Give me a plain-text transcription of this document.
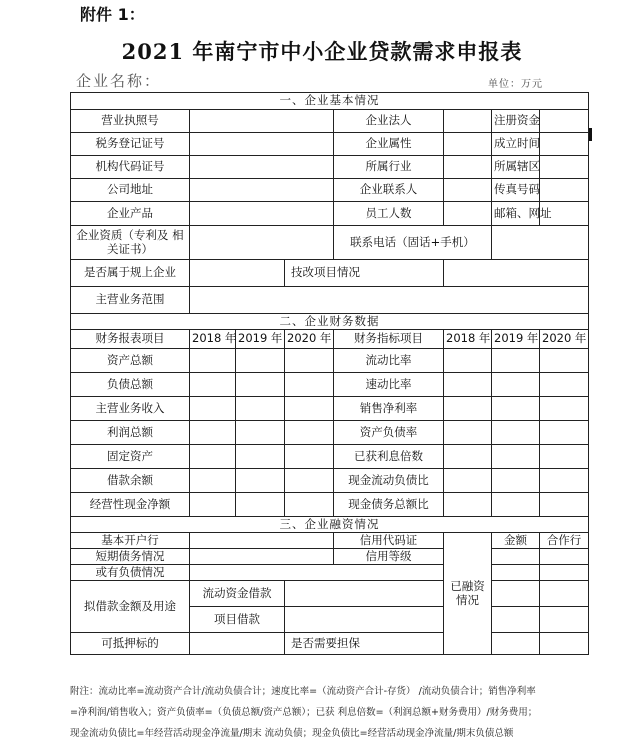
附件 1：
2021 年南宁市中小企业贷款需求申报表
企业名称：	单位：万元
一、企业基本情况							
营业执照号				企业法人		注册资金	
税务登记证号				企业属性		成立时间	
机构代码证号				所属行业		所属辖区	
公司地址				企业联系人		传真号码	
企业产品				员工人数		邮箱、网址	
企业资质（专利及 相关证书）				联系电话（固话+手机）			
是否属于规上企业			技改项目情况				
主营业务范围							
二、企业财务数据							
财务报表项目	2018 年	2019 年	2020 年	财务指标项目	2018 年	2019 年	2020 年
资产总额				流动比率			
负债总额				速动比率			
主营业务收入				销售净利率			
利润总额				资产负债率			
固定资产				已获利息倍数			
借款余额				现金流动负债比			
经营性现金净额				现金债务总额比			
三、企业融资情况							
基本开户行				信用代码证	已融资情况	金额	合作行
短期债务情况				信用等级			
或有负债情况							
拟借款金额及用途	流动资金借款						
	项目借款						
可抵押标的			是否需要担保				
附注：流动比率=流动资产合计/流动负债合计；速度比率=（流动资产合计-存货） /流动负债合计；销售净利率
=净利润/销售收入；资产负债率=（负债总额/资产总额）；已获 利息倍数=（利润总额+财务费用）/财务费用；
现金流动负债比=年经营活动现金净流量/期末 流动负债；现金负债比=经营活动现金净流量/期末负债总额
